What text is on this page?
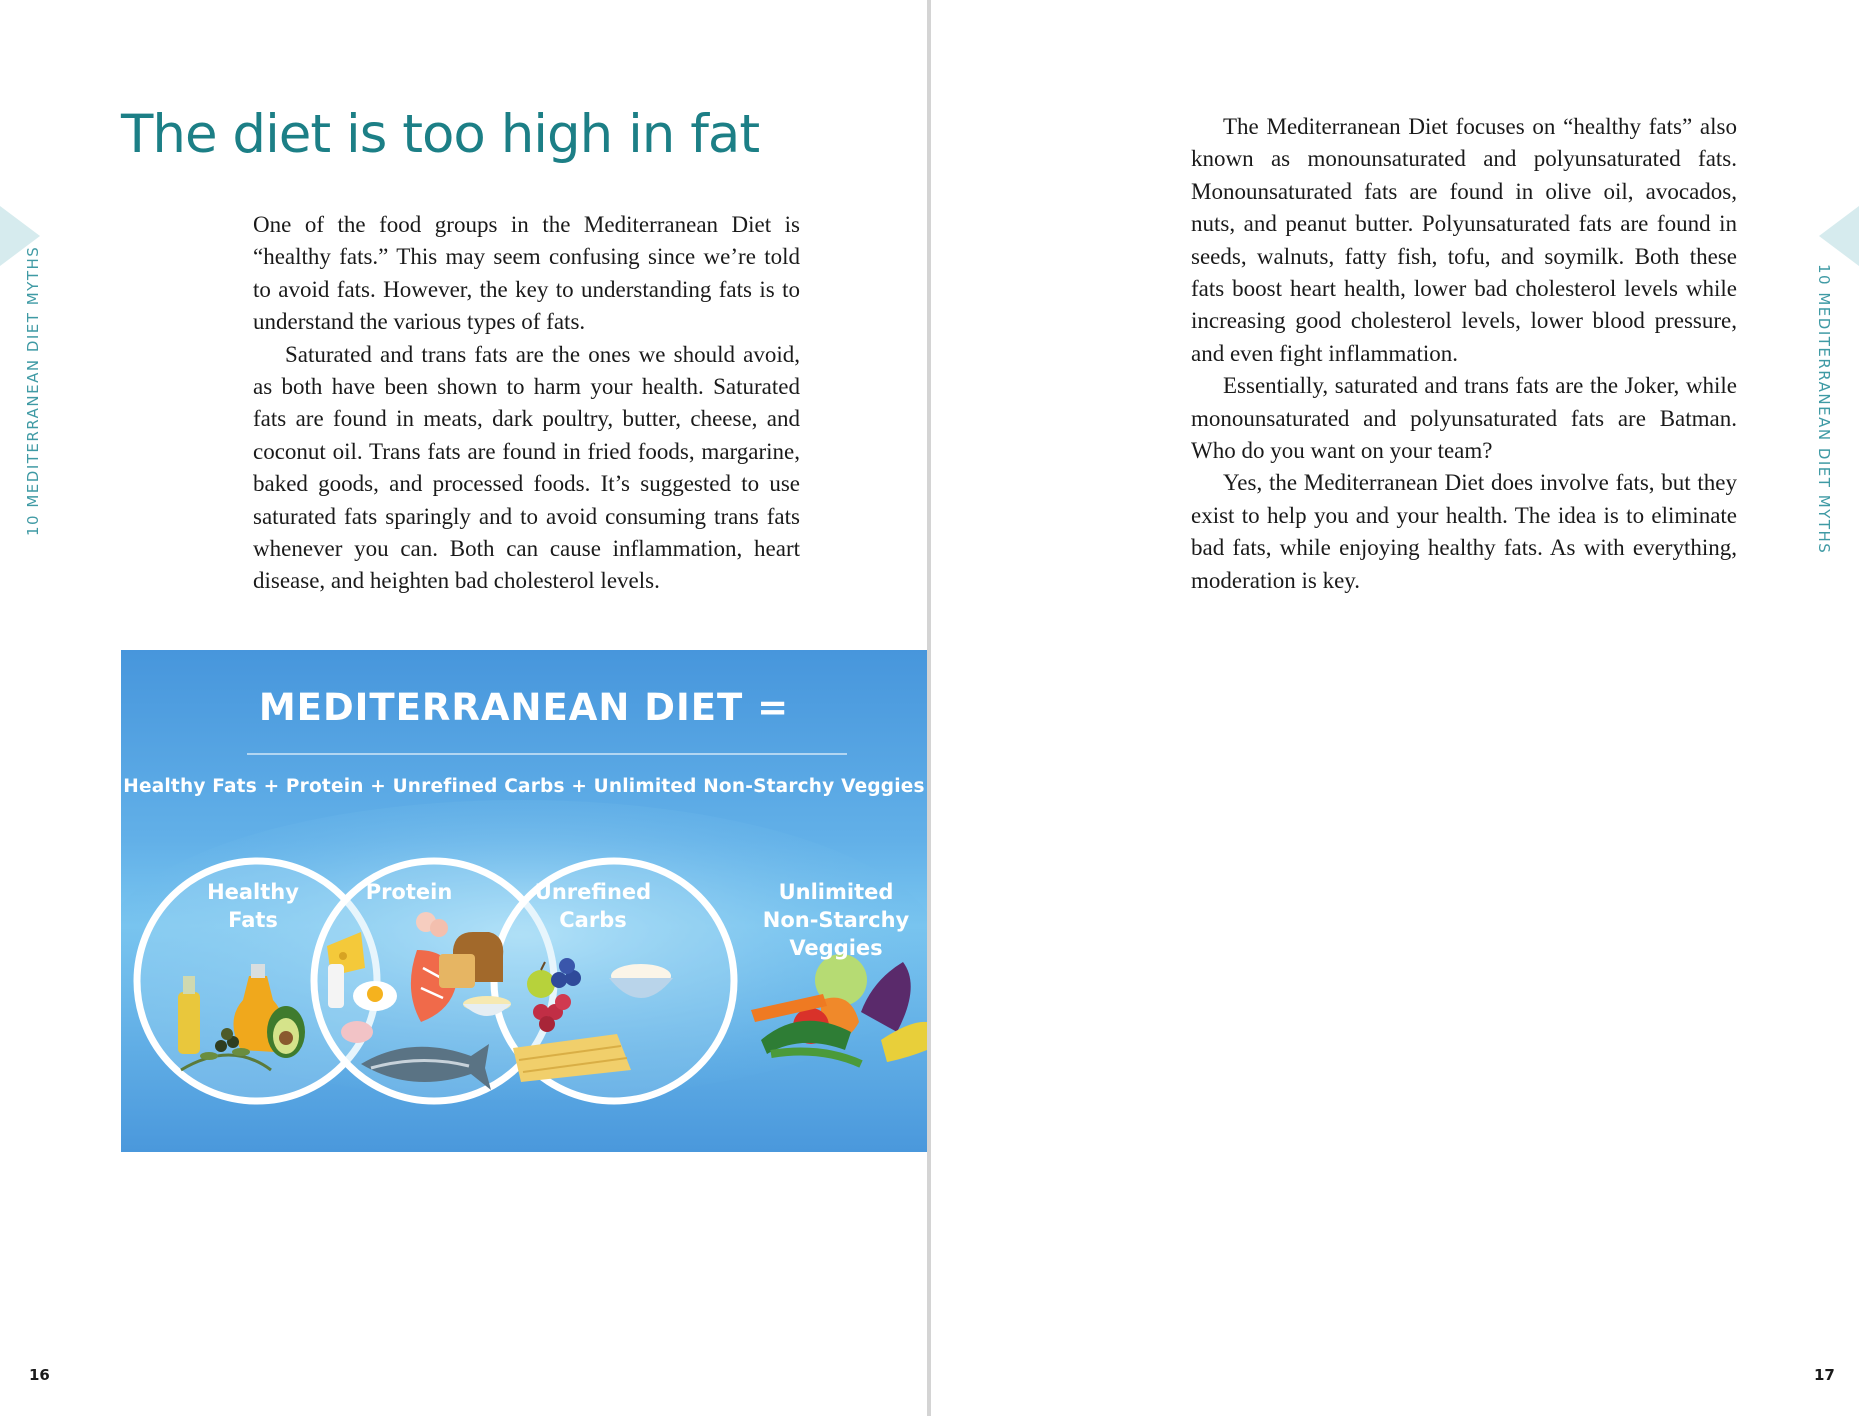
10 MEDITERRANEAN DIET MYTHS
The diet is too high in fat

One of the food groups in the Mediterranean Diet is “healthy fats.” This may seem confusing since we’re told to avoid fats. However, the key to understanding fats is to understand the various types of fats.

Saturated and trans fats are the ones we should avoid, as both have been shown to harm your health. Saturated fats are found in meats, dark poultry, butter, cheese, and coconut oil. Trans fats are found in fried foods, margarine, baked goods, and processed foods. It’s suggested to use saturated fats sparingly and to avoid consuming trans fats whenever you can. Both can cause inflammation, heart disease, and heighten bad cholesterol levels.

MEDITERRANEAN DIET =
Healthy Fats + Protein + Unrefined Carbs + Unlimited Non-Starchy Veggies
Healthy
Fats
Protein	Unrefined
Carbs
Unlimited
Non-Starchy
Veggies
16
10 MEDITERRANEAN DIET MYTHS

The Mediterranean Diet focuses on “healthy fats” also known as monounsaturated and polyunsaturated fats. Monounsaturated fats are found in olive oil, avocados, nuts, and peanut butter. Polyunsaturated fats are found in seeds, walnuts, fatty fish, tofu, and soymilk. Both these fats boost heart health, lower bad cholesterol levels while increasing good cholesterol levels, lower blood pressure, and even fight inflammation.

Essentially, saturated and trans fats are the Joker, while monounsaturated and polyunsaturated fats are Batman. Who do you want on your team?

Yes, the Mediterranean Diet does involve fats, but they exist to help you and your health. The idea is to eliminate bad fats, while enjoying healthy fats. As with everything, moderation is key.

17
